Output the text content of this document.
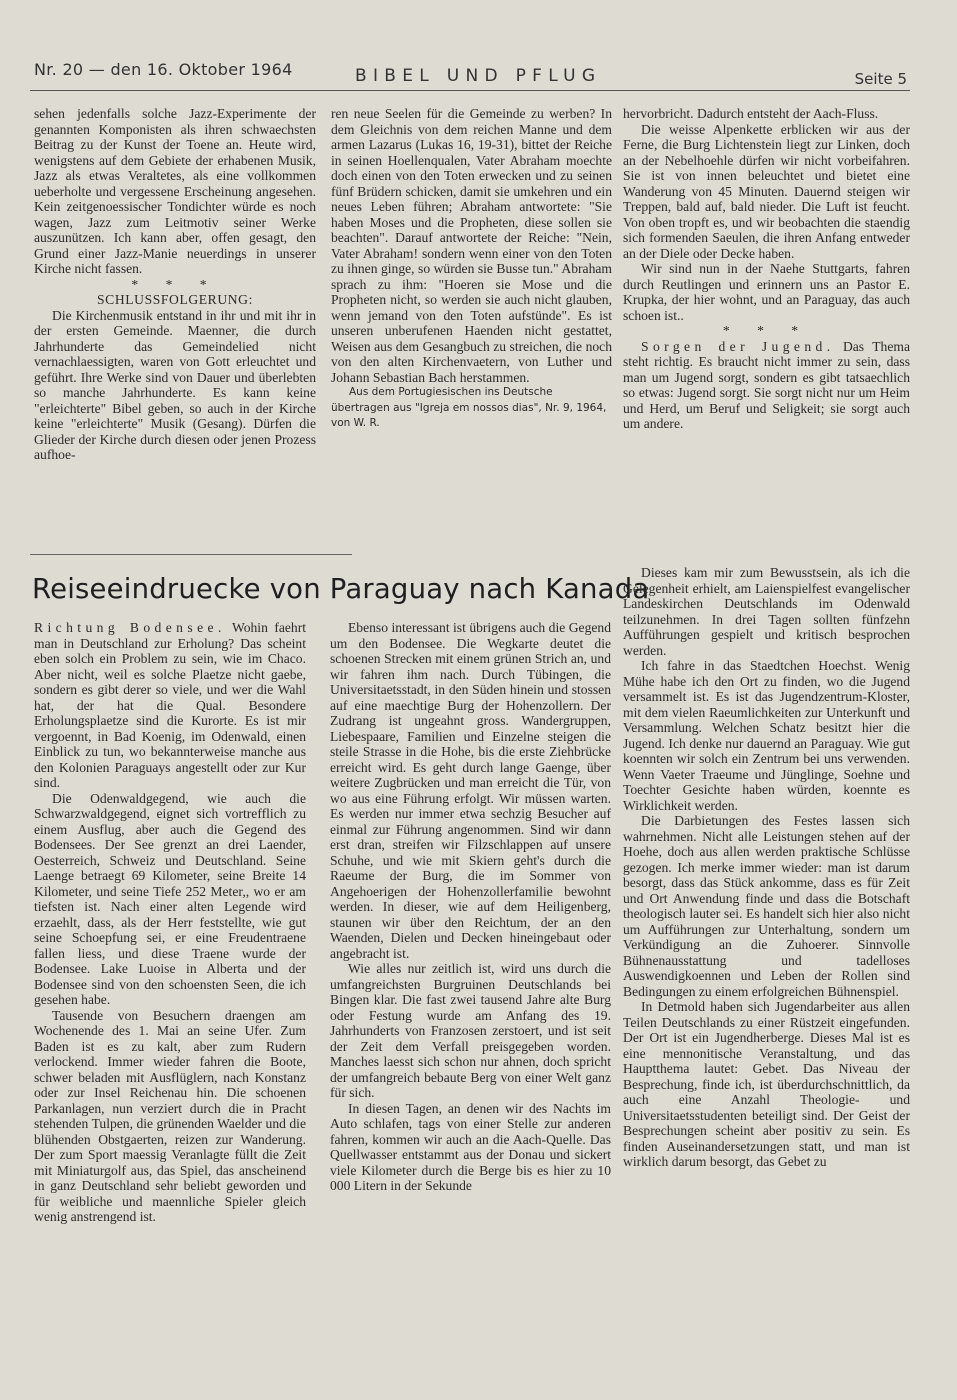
Nr. 20 — den 16. Oktober 1964	BIBEL UND PFLUG	Seite 5

sehen jedenfalls solche Jazz-Experimente der genannten Komponisten als ihren schwaechsten Beitrag zu der Kunst der Toene an. Heute wird, wenigstens auf dem Gebiete der erhabenen Musik, Jazz als etwas Veraltetes, als eine vollkommen ueberholte und vergessene Erscheinung angesehen. Kein zeitgenoessischer Tondichter würde es noch wagen, Jazz zum Leitmotiv seiner Werke auszunützen. Ich kann aber, offen gesagt, den Grund einer Jazz-Manie neuerdings in unserer Kirche nicht fassen.

* * *

SCHLUSSFOLGERUNG:

Die Kirchenmusik entstand in ihr und mit ihr in der ersten Gemeinde. Maenner, die durch Jahrhunderte das Gemeindelied nicht vernachlaessigten, waren von Gott erleuchtet und geführt. Ihre Werke sind von Dauer und überlebten so manche Jahrhunderte. Es kann keine "erleichterte" Bibel geben, so auch in der Kirche keine "erleichterte" Musik (Gesang). Dürfen die Glieder der Kirche durch diesen oder jenen Prozess aufhoe-

ren neue Seelen für die Gemeinde zu werben? In dem Gleichnis von dem reichen Manne und dem armen Lazarus (Lukas 16, 19-31), bittet der Reiche in seinen Hoellenqualen, Vater Abraham moechte doch einen von den Toten erwecken und zu seinen fünf Brüdern schicken, damit sie umkehren und ein neues Leben führen; Abraham antwortete: "Sie haben Moses und die Propheten, diese sollen sie beachten". Darauf antwortete der Reiche: "Nein, Vater Abraham! sondern wenn einer von den Toten zu ihnen ginge, so würden sie Busse tun." Abraham sprach zu ihm: "Hoeren sie Mose und die Propheten nicht, so werden sie auch nicht glauben, wenn jemand von den Toten aufstünde". Es ist unseren unberufenen Haenden nicht gestattet, Weisen aus dem Gesangbuch zu streichen, die noch von den alten Kirchenvaetern, von Luther und Johann Sebastian Bach herstammen.

Aus dem Portugiesischen ins Deutsche übertragen aus "Igreja em nossos dias", Nr. 9, 1964, von W. R.

hervorbricht. Dadurch entsteht der Aach-Fluss.

Die weisse Alpenkette erblicken wir aus der Ferne, die Burg Lichtenstein liegt zur Linken, doch an der Nebelhoehle dürfen wir nicht vorbeifahren. Sie ist von innen beleuchtet und bietet eine Wanderung von 45 Minuten. Dauernd steigen wir Treppen, bald auf, bald nieder. Die Luft ist feucht. Von oben tropft es, und wir beobachten die staendig sich formenden Saeulen, die ihren Anfang entweder an der Diele oder Decke haben.

Wir sind nun in der Naehe Stuttgarts, fahren durch Reutlingen und erinnern uns an Pastor E. Krupka, der hier wohnt, und an Paraguay, das auch schoen ist..

* * *

Sorgen der Jugend. Das Thema steht richtig. Es braucht nicht immer zu sein, dass man um Jugend sorgt, sondern es gibt tatsaechlich so etwas: Jugend sorgt. Sie sorgt nicht nur um Heim und Herd, um Beruf und Seligkeit; sie sorgt auch um andere.

Reiseeindruecke von Paraguay nach Kanada

Richtung Bodensee. Wohin faehrt man in Deutschland zur Erholung? Das scheint eben solch ein Problem zu sein, wie im Chaco. Aber nicht, weil es solche Plaetze nicht gaebe, sondern es gibt derer so viele, und wer die Wahl hat, der hat die Qual. Besondere Erholungsplaetze sind die Kurorte. Es ist mir vergoennt, in Bad Koenig, im Odenwald, einen Einblick zu tun, wo bekannterweise manche aus den Kolonien Paraguays angestellt oder zur Kur sind.

Die Odenwaldgegend, wie auch die Schwarzwaldgegend, eignet sich vortrefflich zu einem Ausflug, aber auch die Gegend des Bodensees. Der See grenzt an drei Laender, Oesterreich, Schweiz und Deutschland. Seine Laenge betraegt 69 Kilometer, seine Breite 14 Kilometer, und seine Tiefe 252 Meter,, wo er am tiefsten ist. Nach einer alten Legende wird erzaehlt, dass, als der Herr feststellte, wie gut seine Schoepfung sei, er eine Freudentraene fallen liess, und diese Traene wurde der Bodensee. Lake Luoise in Alberta und der Bodensee sind von den schoensten Seen, die ich gesehen habe.

Tausende von Besuchern draengen am Wochenende des 1. Mai an seine Ufer. Zum Baden ist es zu kalt, aber zum Rudern verlockend. Immer wieder fahren die Boote, schwer beladen mit Ausflüglern, nach Konstanz oder zur Insel Reichenau hin. Die schoenen Parkanlagen, nun verziert durch die in Pracht stehenden Tulpen, die grünenden Waelder und die blühenden Obstgaerten, reizen zur Wanderung. Der zum Sport maessig Veranlagte füllt die Zeit mit Miniaturgolf aus, das Spiel, das anscheinend in ganz Deutschland sehr beliebt geworden und für weibliche und maennliche Spieler gleich wenig anstrengend ist.

Ebenso interessant ist übrigens auch die Gegend um den Bodensee. Die Wegkarte deutet die schoenen Strecken mit einem grünen Strich an, und wir fahren ihm nach. Durch Tübingen, die Universitaetsstadt, in den Süden hinein und stossen auf eine maechtige Burg der Hohenzollern. Der Zudrang ist ungeahnt gross. Wandergruppen, Liebespaare, Familien und Einzelne steigen die steile Strasse in die Hohe, bis die erste Ziehbrücke erreicht wird. Es geht durch lange Gaenge, über weitere Zugbrücken und man erreicht die Tür, von wo aus eine Führung erfolgt. Wir müssen warten. Es werden nur immer etwa sechzig Besucher auf einmal zur Führung angenommen. Sind wir dann erst dran, streifen wir Filzschlappen auf unsere Schuhe, und wie mit Skiern geht's durch die Raeume der Burg, die im Sommer von Angehoerigen der Hohenzollerfamilie bewohnt werden. In dieser, wie auf dem Heiligenberg, staunen wir über den Reichtum, der an den Waenden, Dielen und Decken hineingebaut oder angebracht ist.

Wie alles nur zeitlich ist, wird uns durch die umfangreichsten Burgruinen Deutschlands bei Bingen klar. Die fast zwei tausend Jahre alte Burg oder Festung wurde am Anfang des 19. Jahrhunderts von Franzosen zerstoert, und ist seit der Zeit dem Verfall preisgegeben worden. Manches laesst sich schon nur ahnen, doch spricht der umfangreich bebaute Berg von einer Welt ganz für sich.

In diesen Tagen, an denen wir des Nachts im Auto schlafen, tags von einer Stelle zur anderen fahren, kommen wir auch an die Aach-Quelle. Das Quellwasser entstammt aus der Donau und sickert viele Kilometer durch die Berge bis es hier zu 10 000 Litern in der Sekunde

Dieses kam mir zum Bewusstsein, als ich die Gelegenheit erhielt, am Laienspielfest evangelischer Landeskirchen Deutschlands im Odenwald teilzunehmen. In drei Tagen sollten fünfzehn Aufführungen gespielt und kritisch besprochen werden.

Ich fahre in das Staedtchen Hoechst. Wenig Mühe habe ich den Ort zu finden, wo die Jugend versammelt ist. Es ist das Jugendzentrum-Kloster, mit dem vielen Raeumlichkeiten zur Unterkunft und Versammlung. Welchen Schatz besitzt hier die Jugend. Ich denke nur dauernd an Paraguay. Wie gut koennten wir solch ein Zentrum bei uns verwenden. Wenn Vaeter Traeume und Jünglinge, Soehne und Toechter Gesichte haben würden, koennte es Wirklichkeit werden.

Die Darbietungen des Festes lassen sich wahrnehmen. Nicht alle Leistungen stehen auf der Hoehe, doch aus allen werden praktische Schlüsse gezogen. Ich merke immer wieder: man ist darum besorgt, dass das Stück ankomme, dass es für Zeit und Ort Anwendung finde und dass die Botschaft theologisch lauter sei. Es handelt sich hier also nicht um Aufführungen zur Unterhaltung, sondern um Verkündigung an die Zuhoerer. Sinnvolle Bühnenausstattung und tadelloses Auswendigkoennen und Leben der Rollen sind Bedingungen zu einem erfolgreichen Bühnenspiel.

In Detmold haben sich Jugendarbeiter aus allen Teilen Deutschlands zu einer Rüstzeit eingefunden. Der Ort ist ein Jugendherberge. Dieses Mal ist es eine mennonitische Veranstaltung, und das Hauptthema lautet: Gebet. Das Niveau der Besprechung, finde ich, ist überdurchschnittlich, da auch eine Anzahl Theologie- und Universitaetsstudenten beteiligt sind. Der Geist der Besprechungen scheint aber positiv zu sein. Es finden Auseinandersetzungen statt, und man ist wirklich darum besorgt, das Gebet zu
